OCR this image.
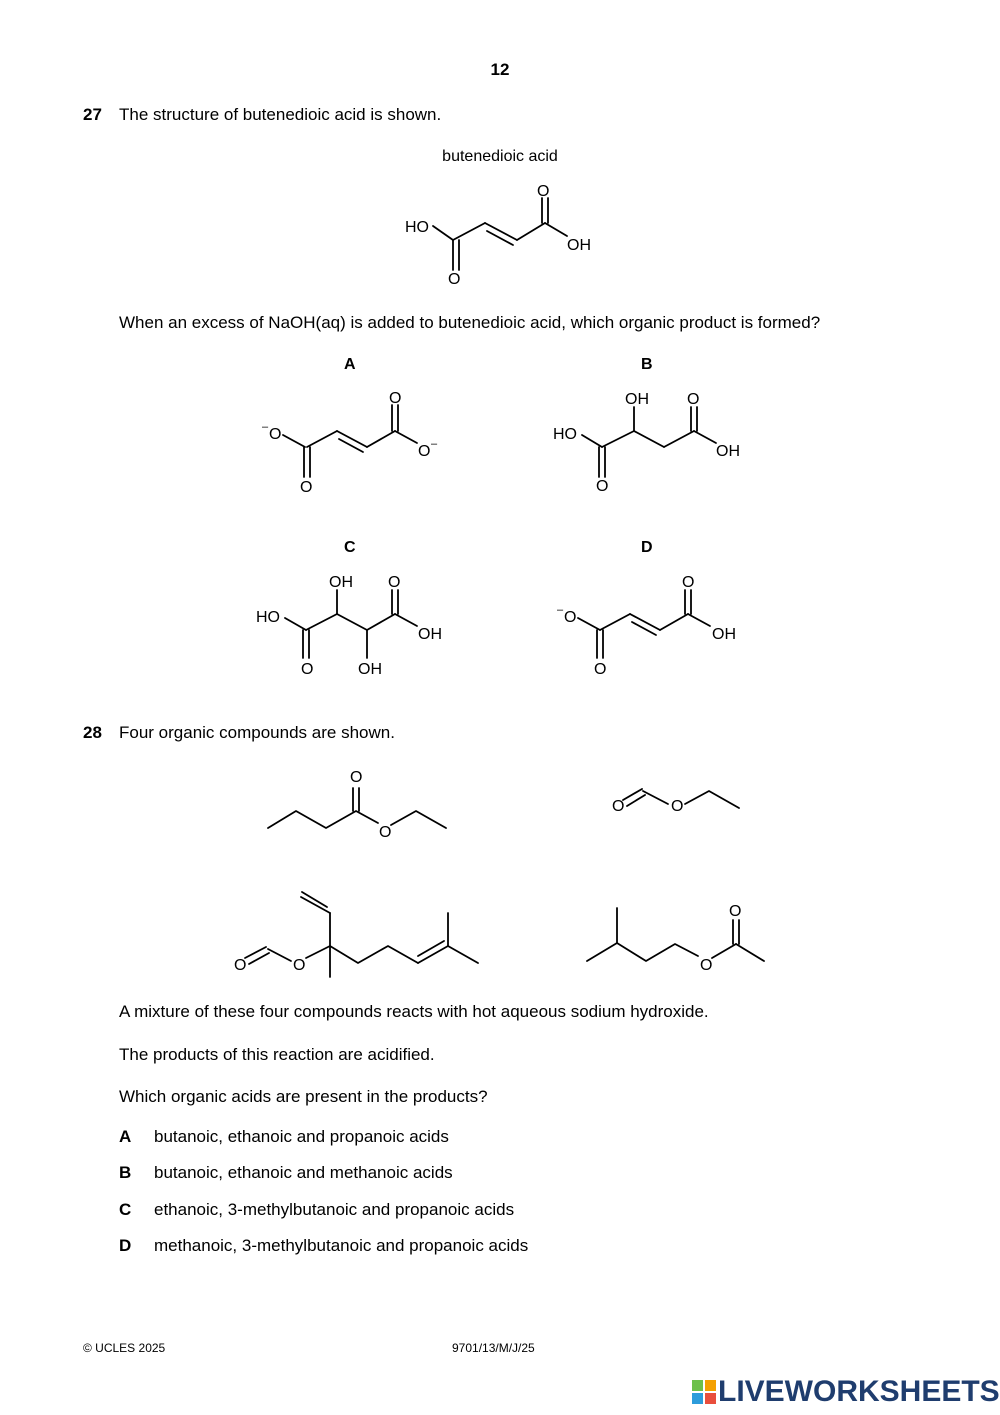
12
27 The structure of butenedioic acid is shown.
butenedioic acid
HO
O
O
OH
When an excess of NaOH(aq) is added to butenedioic acid, which organic product is formed?
A
– O
O
O
O –
B
OH O
HO
O
OH
C
OH O
HO
O	OH
OH
D
– O
O
O
OH
28 Four organic compounds are shown.
O
O
O	O
O	O	O
O
A mixture of these four compounds reacts with hot aqueous sodium hydroxide.
The products of this reaction are acidified.
Which organic acids are present in the products?
A butanoic, ethanoic and propanoic acids
B butanoic, ethanoic and methanoic acids
C ethanoic, 3-methylbutanoic and propanoic acids
D methanoic, 3-methylbutanoic and propanoic acids
© UCLES 2025	9701/13/M/J/25
LIVEWORKSHEETS
